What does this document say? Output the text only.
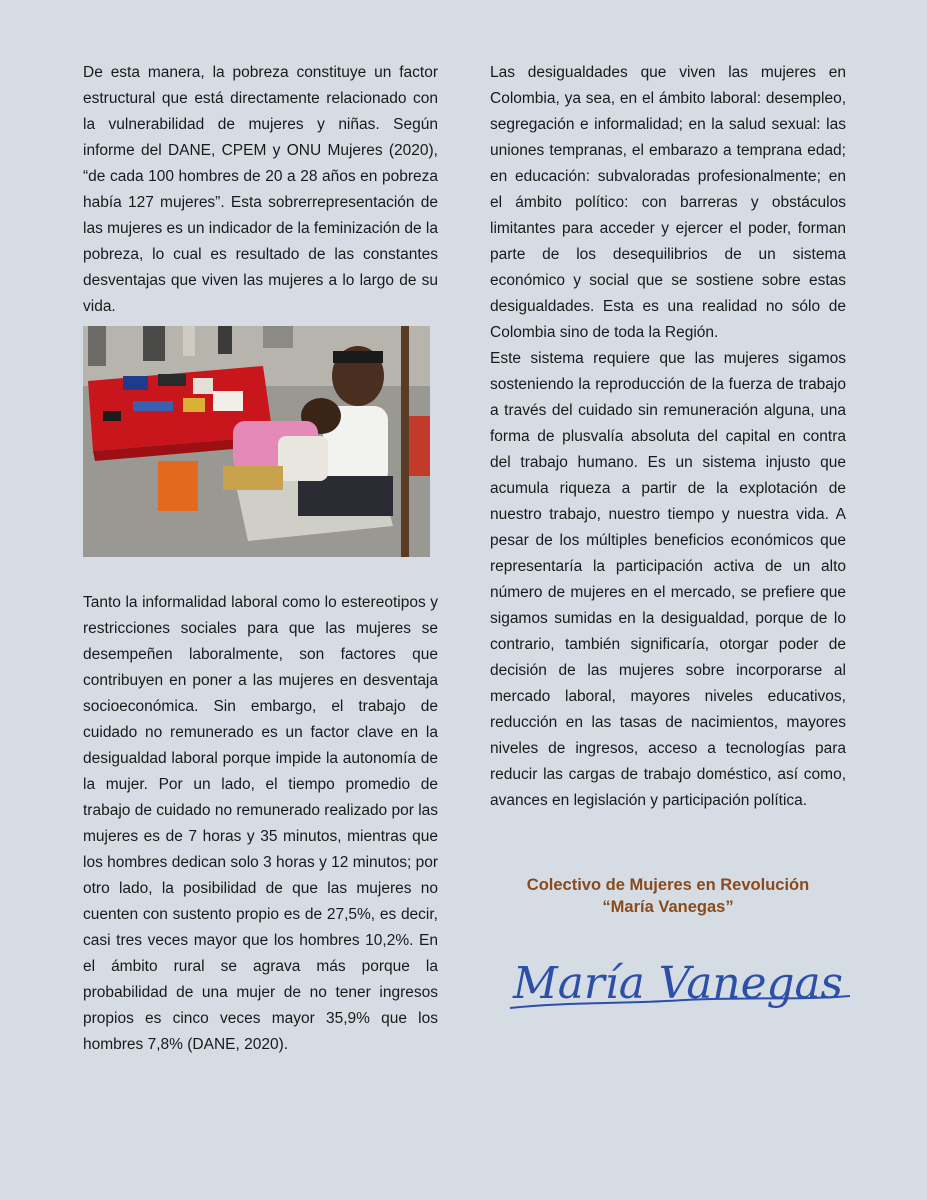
De esta manera, la pobreza constituye un factor estructural que está directamente relacionado con la vulnerabilidad de mujeres y niñas. Según informe del DANE, CPEM y ONU Mujeres (2020), “de cada 100 hombres de 20 a 28 años en pobreza había 127 mujeres”. Esta sobrerrepresentación de las mujeres es un indicador de la feminización de la pobreza, lo cual es resultado de las constantes desventajas que viven las mujeres a lo largo de su vida.

Tanto la informalidad laboral como lo estereotipos y restricciones sociales para que las mujeres se desempeñen laboralmente, son factores que contribuyen en poner a las mujeres en desventaja socioeconómica. Sin embargo, el trabajo de cuidado no remunerado es un factor clave en la desigualdad laboral porque impide la autonomía de la mujer. Por un lado, el tiempo promedio de trabajo de cuidado no remunerado realizado por las mujeres es de 7 horas y 35 minutos, mientras que los hombres dedican solo 3 horas y 12 minutos; por otro lado, la posibilidad de que las mujeres no cuenten con sustento propio es de 27,5%, es decir, casi tres veces mayor que los hombres 10,2%. En el ámbito rural se agrava más porque la probabilidad de una mujer de no tener ingresos propios es cinco veces mayor 35,9% que los hombres 7,8% (DANE, 2020).

Las desigualdades que viven las mujeres en Colombia, ya sea, en el ámbito laboral: desempleo, segregación e informalidad; en la salud sexual: las uniones tempranas, el embarazo a temprana edad; en educación: subvaloradas profesionalmente; en el ámbito político: con barreras y obstáculos limitantes para acceder y ejercer el poder, forman parte de los desequilibrios de un sistema económico y social que se sostiene sobre estas desigualdades. Esta es una realidad no sólo de Colombia sino de toda la Región.

Este sistema requiere que las mujeres sigamos sosteniendo la reproducción de la fuerza de trabajo a través del cuidado sin remuneración alguna, una forma de plusvalía absoluta del capital en contra del trabajo humano. Es un sistema injusto que acumula riqueza a partir de la explotación de nuestro trabajo, nuestro tiempo y nuestra vida. A pesar de los múltiples beneficios económicos que representaría la participación activa de un alto número de mujeres en el mercado, se prefiere que sigamos sumidas en la desigualdad, porque de lo contrario, también significaría, otorgar poder de decisión de las mujeres sobre incorporarse al mercado laboral, mayores niveles educativos, reducción en las tasas de nacimientos, mayores niveles de ingresos, acceso a tecnologías para reducir las cargas de trabajo doméstico, así como, avances en legislación y participación política.

Colectivo de Mujeres en Revolución
“María Vanegas”
María Vanegas
